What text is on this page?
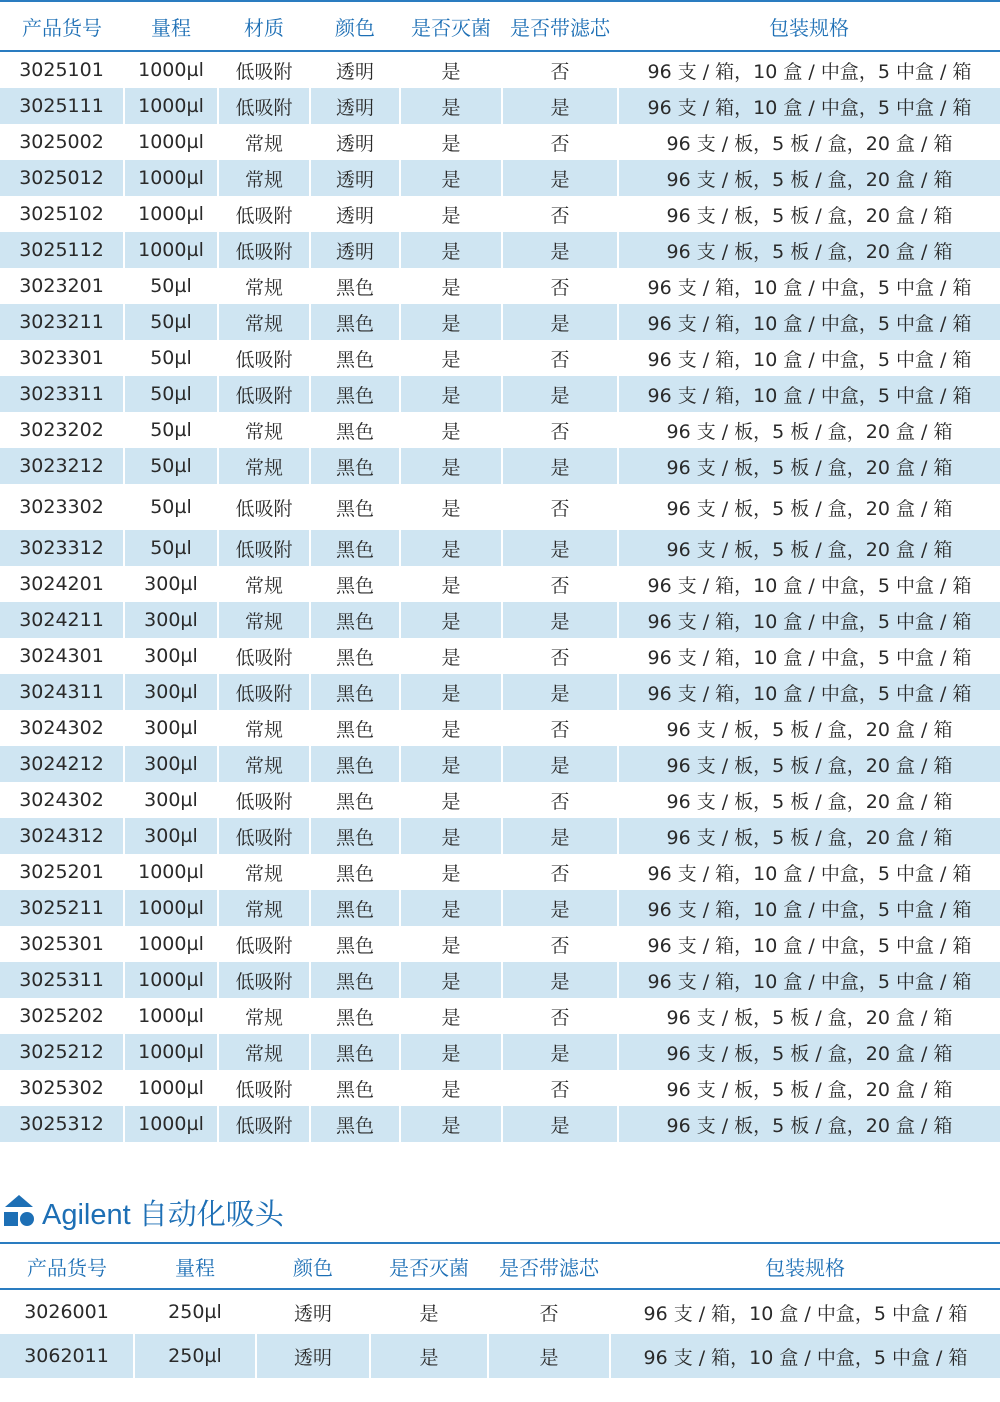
产品货号	量程	材质	颜色	是否灭菌	是否带滤芯	包装规格
3025101	1000µl	低吸附	透明	是	否	96 支 / 箱，10 盒 / 中盒，5 中盒 / 箱
3025111	1000µl	低吸附	透明	是	是	96 支 / 箱，10 盒 / 中盒，5 中盒 / 箱
3025002	1000µl	常规	透明	是	否	96 支 / 板，5 板 / 盒，20 盒 / 箱
3025012	1000µl	常规	透明	是	是	96 支 / 板，5 板 / 盒，20 盒 / 箱
3025102	1000µl	低吸附	透明	是	否	96 支 / 板，5 板 / 盒，20 盒 / 箱
3025112	1000µl	低吸附	透明	是	是	96 支 / 板，5 板 / 盒，20 盒 / 箱
3023201	50µl	常规	黑色	是	否	96 支 / 箱，10 盒 / 中盒，5 中盒 / 箱
3023211	50µl	常规	黑色	是	是	96 支 / 箱，10 盒 / 中盒，5 中盒 / 箱
3023301	50µl	低吸附	黑色	是	否	96 支 / 箱，10 盒 / 中盒，5 中盒 / 箱
3023311	50µl	低吸附	黑色	是	是	96 支 / 箱，10 盒 / 中盒，5 中盒 / 箱
3023202	50µl	常规	黑色	是	否	96 支 / 板，5 板 / 盒，20 盒 / 箱
3023212	50µl	常规	黑色	是	是	96 支 / 板，5 板 / 盒，20 盒 / 箱
3023302	50µl	低吸附	黑色	是	否	96 支 / 板，5 板 / 盒，20 盒 / 箱
3023312	50µl	低吸附	黑色	是	是	96 支 / 板，5 板 / 盒，20 盒 / 箱
3024201	300µl	常规	黑色	是	否	96 支 / 箱，10 盒 / 中盒，5 中盒 / 箱
3024211	300µl	常规	黑色	是	是	96 支 / 箱，10 盒 / 中盒，5 中盒 / 箱
3024301	300µl	低吸附	黑色	是	否	96 支 / 箱，10 盒 / 中盒，5 中盒 / 箱
3024311	300µl	低吸附	黑色	是	是	96 支 / 箱，10 盒 / 中盒，5 中盒 / 箱
3024302	300µl	常规	黑色	是	否	96 支 / 板，5 板 / 盒，20 盒 / 箱
3024212	300µl	常规	黑色	是	是	96 支 / 板，5 板 / 盒，20 盒 / 箱
3024302	300µl	低吸附	黑色	是	否	96 支 / 板，5 板 / 盒，20 盒 / 箱
3024312	300µl	低吸附	黑色	是	是	96 支 / 板，5 板 / 盒，20 盒 / 箱
3025201	1000µl	常规	黑色	是	否	96 支 / 箱，10 盒 / 中盒，5 中盒 / 箱
3025211	1000µl	常规	黑色	是	是	96 支 / 箱，10 盒 / 中盒，5 中盒 / 箱
3025301	1000µl	低吸附	黑色	是	否	96 支 / 箱，10 盒 / 中盒，5 中盒 / 箱
3025311	1000µl	低吸附	黑色	是	是	96 支 / 箱，10 盒 / 中盒，5 中盒 / 箱
3025202	1000µl	常规	黑色	是	否	96 支 / 板，5 板 / 盒，20 盒 / 箱
3025212	1000µl	常规	黑色	是	是	96 支 / 板，5 板 / 盒，20 盒 / 箱
3025302	1000µl	低吸附	黑色	是	否	96 支 / 板，5 板 / 盒，20 盒 / 箱
3025312	1000µl	低吸附	黑色	是	是	96 支 / 板，5 板 / 盒，20 盒 / 箱
Agilent 自动化吸头
产品货号	量程	颜色	是否灭菌	是否带滤芯	包装规格
3026001	250µl	透明	是	否	96 支 / 箱，10 盒 / 中盒，5 中盒 / 箱
3062011	250µl	透明	是	是	96 支 / 箱，10 盒 / 中盒，5 中盒 / 箱
